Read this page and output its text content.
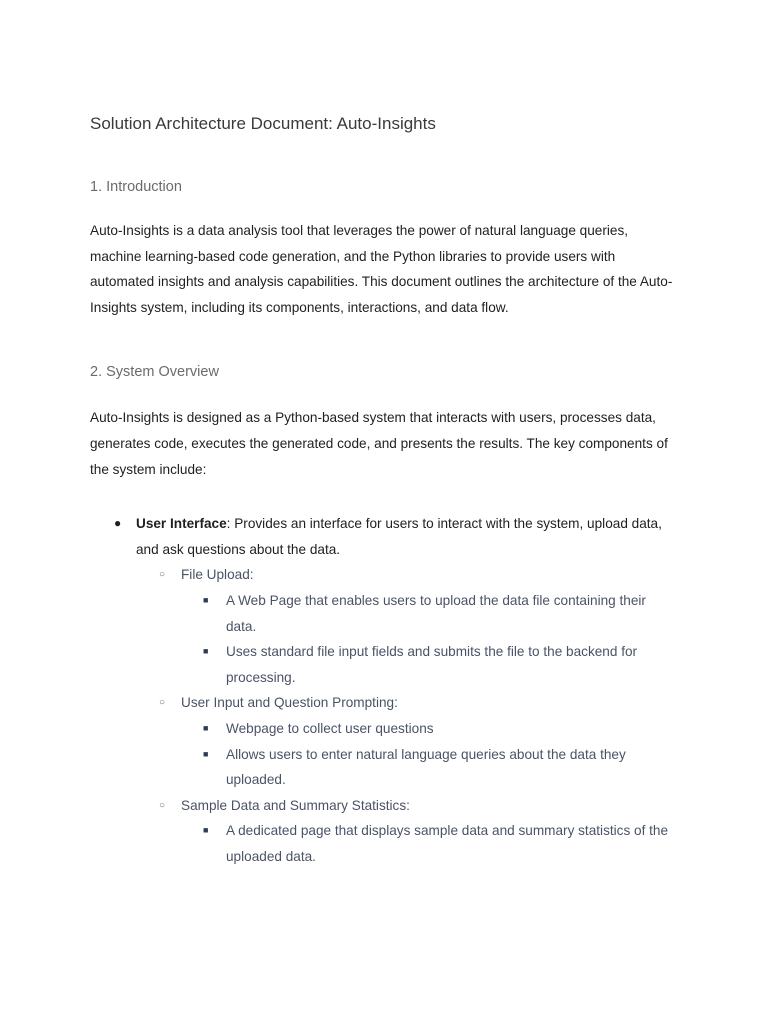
Solution Architecture Document: Auto-Insights
1. Introduction

Auto-Insights is a data analysis tool that leverages the power of natural language queries, machine learning-based code generation, and the Python libraries to provide users with automated insights and analysis capabilities. This document outlines the architecture of the Auto-Insights system, including its components, interactions, and data flow.

2. System Overview

Auto-Insights is designed as a Python-based system that interacts with users, processes data, generates code, executes the generated code, and presents the results. The key components of the system include:

● User Interface: Provides an interface for users to interact with the system, upload data, and ask questions about the data.
○ File Upload:
■ A Web Page that enables users to upload the data file containing their data.
■ Uses standard file input fields and submits the file to the backend for processing.
○ User Input and Question Prompting:
■ Webpage to collect user questions
■ Allows users to enter natural language queries about the data they uploaded.
○ Sample Data and Summary Statistics:
■ A dedicated page that displays sample data and summary statistics of the uploaded data.
